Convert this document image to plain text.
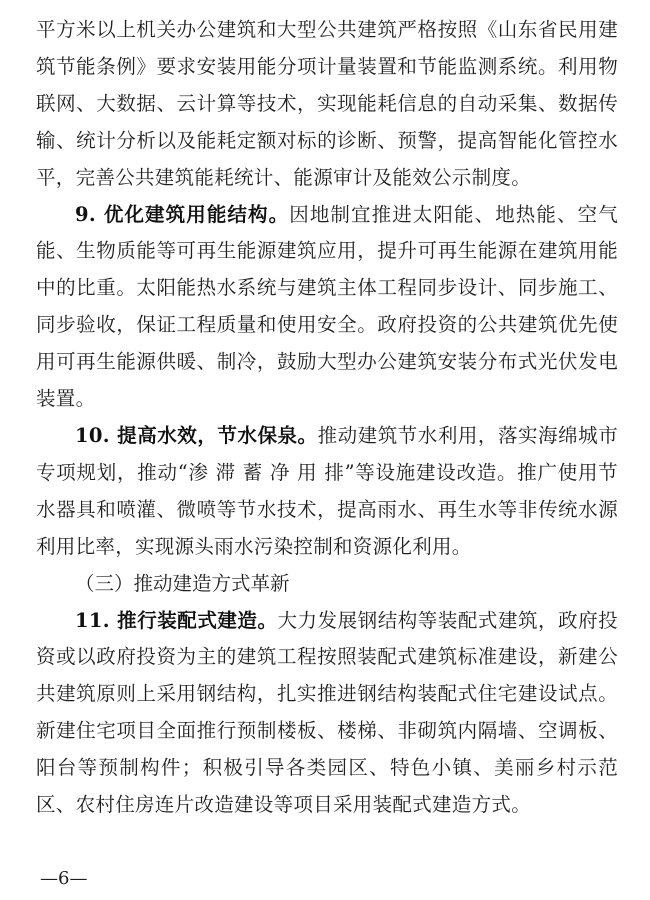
平方米以上机关办公建筑和大型公共建筑严格按照《山东省民用建筑节能条例》要求安装用能分项计量装置和节能监测系统。利用物联网、大数据、云计算等技术，实现能耗信息的自动采集、数据传输、统计分析以及能耗定额对标的诊断、预警，提高智能化管控水平，完善公共建筑能耗统计、能源审计及能效公示制度。

9. 优化建筑用能结构。因地制宜推进太阳能、地热能、空气能、生物质能等可再生能源建筑应用，提升可再生能源在建筑用能中的比重。太阳能热水系统与建筑主体工程同步设计、同步施工、同步验收，保证工程质量和使用安全。政府投资的公共建筑优先使用可再生能源供暖、制冷，鼓励大型办公建筑安装分布式光伏发电装置。

10. 提高水效，节水保泉。推动建筑节水利用，落实海绵城市专项规划，推动“渗 滞 蓄 净 用 排”等设施建设改造。推广使用节水器具和喷灌、微喷等节水技术，提高雨水、再生水等非传统水源利用比率，实现源头雨水污染控制和资源化利用。

（三）推动建造方式革新

11. 推行装配式建造。大力发展钢结构等装配式建筑，政府投资或以政府投资为主的建筑工程按照装配式建筑标准建设，新建公共建筑原则上采用钢结构，扎实推进钢结构装配式住宅建设试点。新建住宅项目全面推行预制楼板、楼梯、非砌筑内隔墙、空调板、阳台等预制构件；积极引导各类园区、特色小镇、美丽乡村示范区、农村住房连片改造建设等项目采用装配式建造方式。

—6—
